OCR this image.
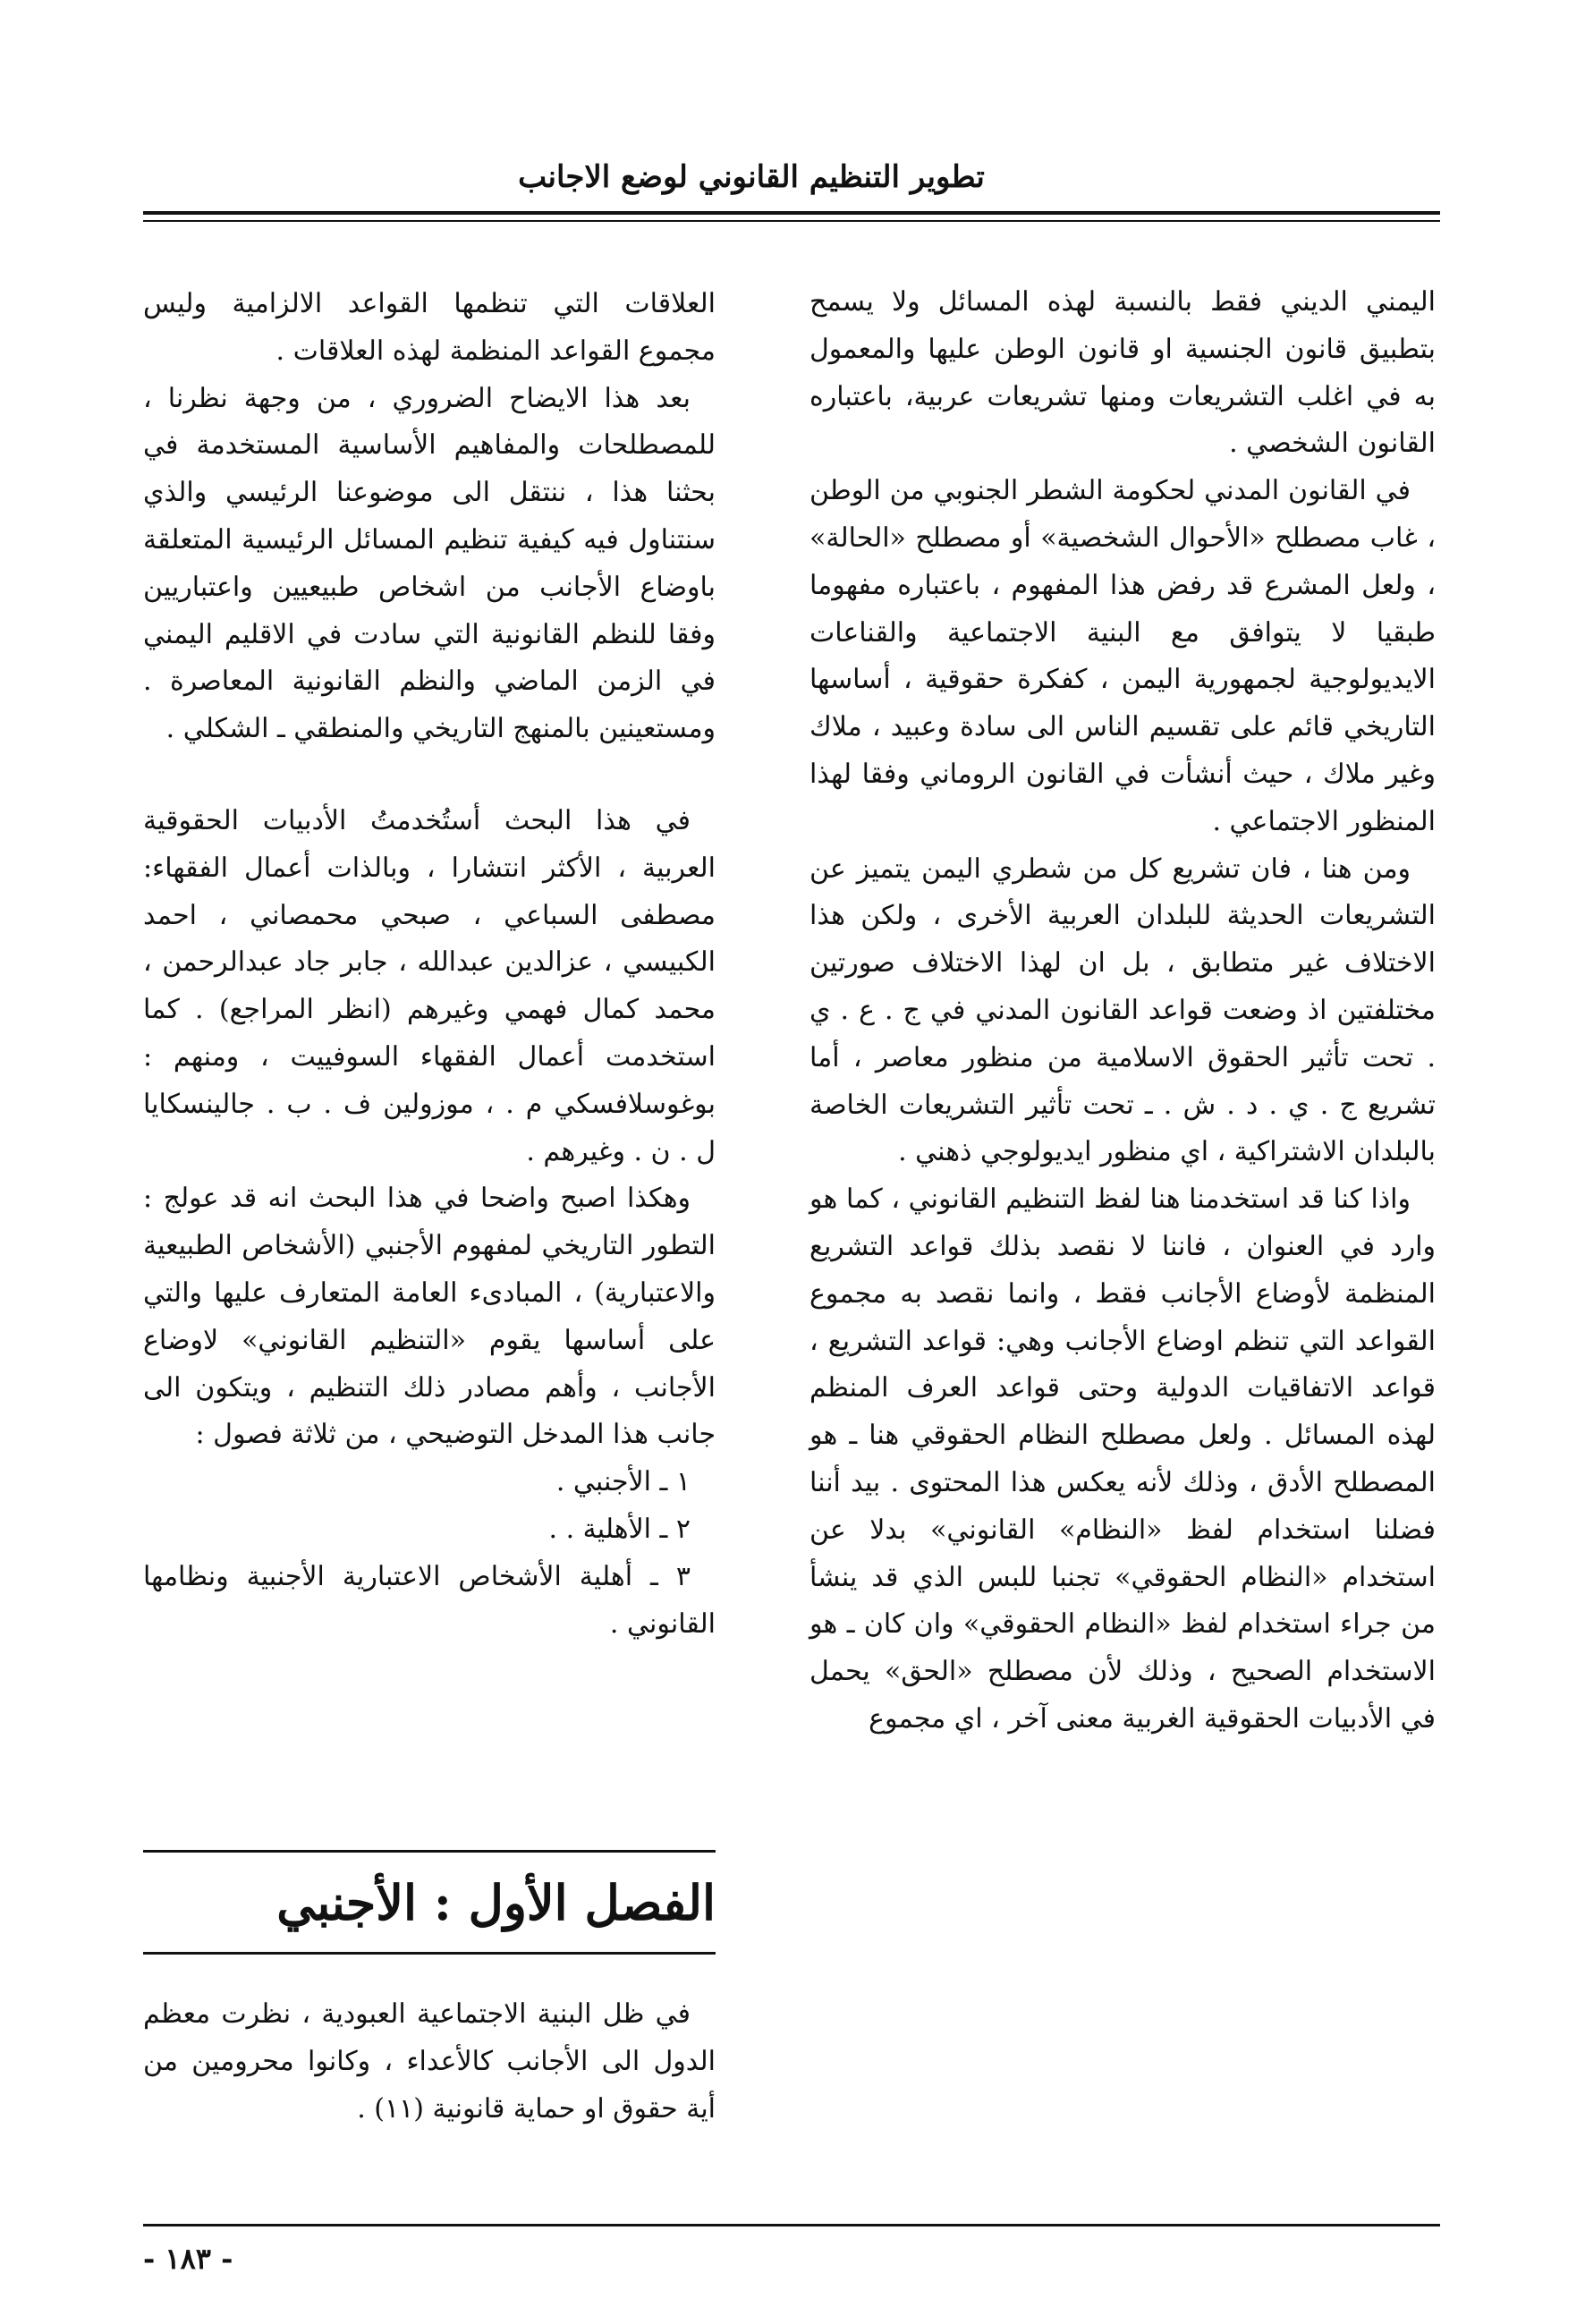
تطوير التنظيم القانوني لوضع الاجانب

اليمني الديني فقط بالنسبة لهذه المسائل ولا يسمح بتطبيق قانون الجنسية او قانون الوطن عليها والمعمول به في اغلب التشريعات ومنها تشريعات عربية، باعتباره القانون الشخصي .

في القانون المدني لحكومة الشطر الجنوبي من الوطن ، غاب مصطلح «الأحوال الشخصية» أو مصطلح «الحالة» ، ولعل المشرع قد رفض هذا المفهوم ، باعتباره مفهوما طبقيا لا يتوافق مع البنية الاجتماعية والقناعات الايديولوجية لجمهورية اليمن ، كفكرة حقوقية ، أساسها التاريخي قائم على تقسيم الناس الى سادة وعبيد ، ملاك وغير ملاك ، حيث أنشأت في القانون الروماني وفقا لهذا المنظور الاجتماعي .

ومن هنا ، فان تشريع كل من شطري اليمن يتميز عن التشريعات الحديثة للبلدان العربية الأخرى ، ولكن هذا الاختلاف غير متطابق ، بل ان لهذا الاختلاف صورتين مختلفتين اذ وضعت قواعد القانون المدني في ج . ع . ي . تحت تأثير الحقوق الاسلامية من منظور معاصر ، أما تشريع ج . ي . د . ش . ـ تحت تأثير التشريعات الخاصة بالبلدان الاشتراكية ، اي منظور ايديولوجي ذهني .

واذا كنا قد استخدمنا هنا لفظ التنظيم القانوني ، كما هو وارد في العنوان ، فاننا لا نقصد بذلك قواعد التشريع المنظمة لأوضاع الأجانب فقط ، وانما نقصد به مجموع القواعد التي تنظم اوضاع الأجانب وهي: قواعد التشريع ، قواعد الاتفاقيات الدولية وحتى قواعد العرف المنظم لهذه المسائل . ولعل مصطلح النظام الحقوقي هنا ـ هو المصطلح الأدق ، وذلك لأنه يعكس هذا المحتوى . بيد أننا فضلنا استخدام لفظ «النظام» القانوني» بدلا عن استخدام «النظام الحقوقي» تجنبا للبس الذي قد ينشأ من جراء استخدام لفظ «النظام الحقوقي» وان كان ـ هو الاستخدام الصحيح ، وذلك لأن مصطلح «الحق» يحمل في الأدبيات الحقوقية الغربية معنى آخر ، اي مجموع

العلاقات التي تنظمها القواعد الالزامية وليس مجموع القواعد المنظمة لهذه العلاقات .

بعد هذا الايضاح الضروري ، من وجهة نظرنا ، للمصطلحات والمفاهيم الأساسية المستخدمة في بحثنا هذا ، ننتقل الى موضوعنا الرئيسي والذي سنتناول فيه كيفية تنظيم المسائل الرئيسية المتعلقة باوضاع الأجانب من اشخاص طبيعيين واعتباريين وفقا للنظم القانونية التي سادت في الاقليم اليمني في الزمن الماضي والنظم القانونية المعاصرة . ومستعينين بالمنهج التاريخي والمنطقي ـ الشكلي .

في هذا البحث أستُخدمتُ الأدبيات الحقوقية العربية ، الأكثر انتشارا ، وبالذات أعمال الفقهاء: مصطفى السباعي ، صبحي محمصاني ، احمد الكبيسي ، عزالدين عبدالله ، جابر جاد عبدالرحمن ، محمد كمال فهمي وغيرهم (انظر المراجع) . كما استخدمت أعمال الفقهاء السوفييت ، ومنهم : بوغوسلافسكي م . ، موزولين ف . ب . جالينسكايا ل . ن . وغيرهم .

وهكذا اصبح واضحا في هذا البحث انه قد عولج : التطور التاريخي لمفهوم الأجنبي (الأشخاص الطبيعية والاعتبارية) ، المبادىء العامة المتعارف عليها والتي على أساسها يقوم «التنظيم القانوني» لاوضاع الأجانب ، وأهم مصادر ذلك التنظيم ، ويتكون الى جانب هذا المدخل التوضيحي ، من ثلاثة فصول :

١ ـ الأجنبي .

٢ ـ الأهلية . .

٣ ـ أهلية الأشخاص الاعتبارية الأجنبية ونظامها القانوني .

الفصل الأول : الأجنبي

في ظل البنية الاجتماعية العبودية ، نظرت معظم الدول الى الأجانب كالأعداء ، وكانوا محرومين من أية حقوق او حماية قانونية (١١) .

- ١٨٣ -
